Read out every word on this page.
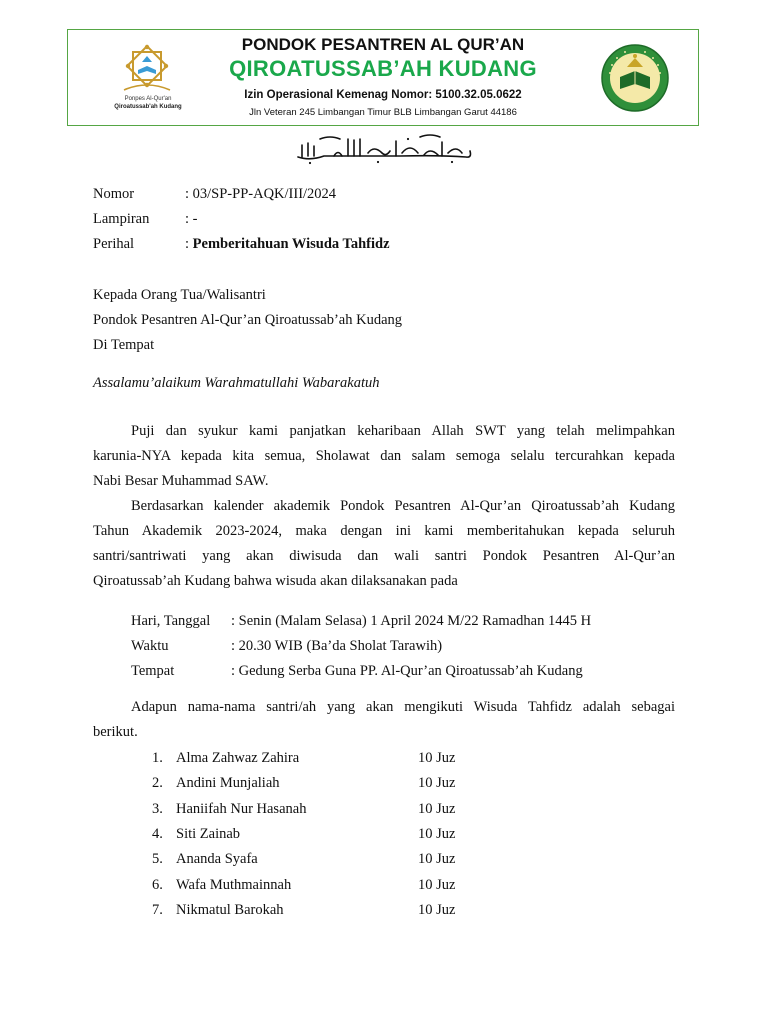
Ponpes Al-Qur'an
Qiroatussab'ah Kudang
PONDOK PESANTREN AL QUR’AN
QIROATUSSAB’AH KUDANG
Izin Operasional Kemenag Nomor: 5100.32.05.0622
Jln Veteran 245 Limbangan Timur BLB Limbangan Garut 44186
Nomor	: 03/SP-PP-AQK/III/2024
Lampiran : -
Perihal	: Pemberitahuan Wisuda Tahfidz
Kepada Orang Tua/Walisantri
Pondok Pesantren Al-Qur’an Qiroatussab’ah Kudang
Di Tempat
Assalamu’alaikum Warahmatullahi Wabarakatuh
Puji dan syukur kami panjatkan keharibaan Allah SWT yang telah melimpahkan
karunia-NYA kepada kita semua, Sholawat dan salam semoga selalu tercurahkan kepada
Nabi Besar Muhammad SAW.
Berdasarkan kalender akademik Pondok Pesantren Al-Qur’an Qiroatussab’ah Kudang
Tahun Akademik 2023-2024, maka dengan ini kami memberitahukan kepada seluruh
santri/santriwati yang akan diwisuda dan wali santri Pondok Pesantren Al-Qur’an
Qiroatussab’ah Kudang bahwa wisuda akan dilaksanakan pada
Hari, Tanggal : Senin (Malam Selasa) 1 April 2024 M/22 Ramadhan 1445 H
Waktu	: 20.30 WIB (Ba’da Sholat Tarawih)
Tempat	: Gedung Serba Guna PP. Al-Qur’an Qiroatussab’ah Kudang
Adapun nama-nama santri/ah yang akan mengikuti Wisuda Tahfidz adalah sebagai
berikut.
1. Alma Zahwaz Zahira	10 Juz
2. Andini Munjaliah	10 Juz
3. Haniifah Nur Hasanah	10 Juz
4. Siti Zainab	10 Juz
5. Ananda Syafa	10 Juz
6. Wafa Muthmainnah	10 Juz
7. Nikmatul Barokah	10 Juz
